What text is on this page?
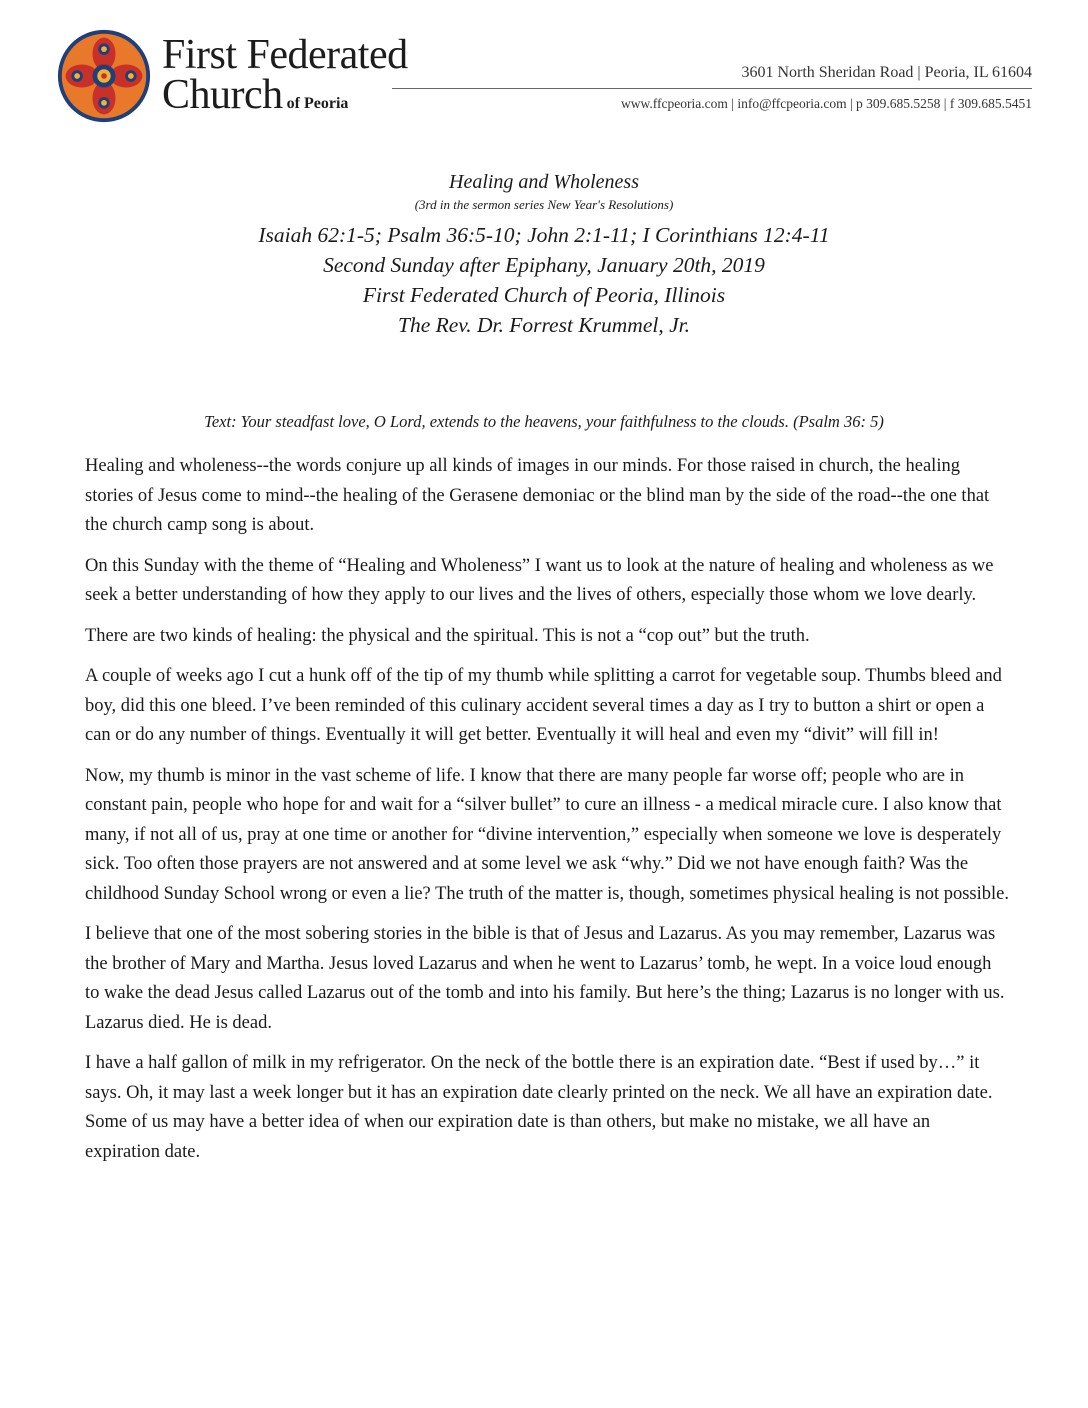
First Federated
Church of Peoria
3601 North Sheridan Road | Peoria, IL 61604
www.ffcpeoria.com | info@ffcpeoria.com | p 309.685.5258 | f 309.685.5451
Healing and Wholeness
(3rd in the sermon series New Year's Resolutions)
Isaiah 62:1-5; Psalm 36:5-10; John 2:1-11; I Corinthians 12:4-11
Second Sunday after Epiphany, January 20th, 2019
First Federated Church of Peoria, Illinois
The Rev. Dr. Forrest Krummel, Jr.
Text: Your steadfast love, O Lord, extends to the heavens, your faithfulness to the clouds. (Psalm 36: 5)

Healing and wholeness--the words conjure up all kinds of images in our minds. For those raised in church, the healing stories of Jesus come to mind--the healing of the Gerasene demoniac or the blind man by the side of the road--the one that the church camp song is about.

On this Sunday with the theme of “Healing and Wholeness” I want us to look at the nature of healing and wholeness as we seek a better understanding of how they apply to our lives and the lives of others, especially those whom we love dearly.

There are two kinds of healing: the physical and the spiritual. This is not a “cop out” but the truth.

A couple of weeks ago I cut a hunk off of the tip of my thumb while splitting a carrot for vegetable soup. Thumbs bleed and boy, did this one bleed. I’ve been reminded of this culinary accident several times a day as I try to button a shirt or open a can or do any number of things. Eventually it will get better. Eventually it will heal and even my “divit” will fill in!

Now, my thumb is minor in the vast scheme of life. I know that there are many people far worse off; people who are in constant pain, people who hope for and wait for a “silver bullet” to cure an illness - a medical miracle cure. I also know that many, if not all of us, pray at one time or another for “divine intervention,” especially when someone we love is desperately sick. Too often those prayers are not answered and at some level we ask “why.” Did we not have enough faith? Was the childhood Sunday School wrong or even a lie? The truth of the matter is, though, sometimes physical healing is not possible.

I believe that one of the most sobering stories in the bible is that of Jesus and Lazarus. As you may remember, Lazarus was the brother of Mary and Martha. Jesus loved Lazarus and when he went to Lazarus’ tomb, he wept. In a voice loud enough to wake the dead Jesus called Lazarus out of the tomb and into his family. But here’s the thing; Lazarus is no longer with us. Lazarus died. He is dead.

I have a half gallon of milk in my refrigerator. On the neck of the bottle there is an expiration date. “Best if used by…” it says. Oh, it may last a week longer but it has an expiration date clearly printed on the neck. We all have an expiration date. Some of us may have a better idea of when our expiration date is than others, but make no mistake, we all have an expiration date.
